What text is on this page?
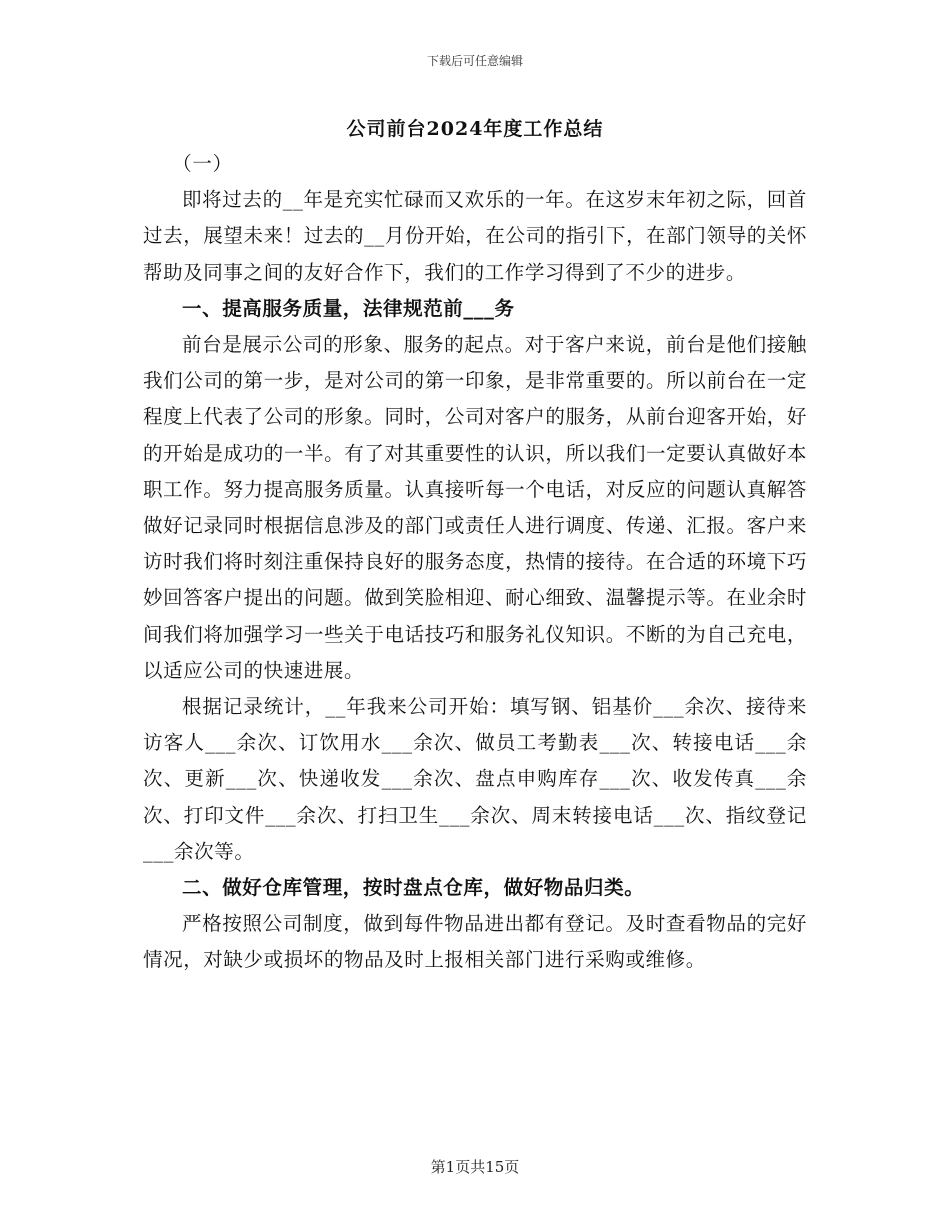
下载后可任意编辑
公司前台2024年度工作总结

（一）

即将过去的__年是充实忙碌而又欢乐的一年。在这岁末年初之际，回首过去，展望未来！过去的__月份开始，在公司的指引下，在部门领导的关怀帮助及同事之间的友好合作下，我们的工作学习得到了不少的进步。

一、提高服务质量，法律规范前___务

前台是展示公司的形象、服务的起点。对于客户来说，前台是他们接触我们公司的第一步，是对公司的第一印象，是非常重要的。所以前台在一定程度上代表了公司的形象。同时，公司对客户的服务，从前台迎客开始，好的开始是成功的一半。有了对其重要性的认识，所以我们一定要认真做好本职工作。努力提高服务质量。认真接听每一个电话，对反应的问题认真解答做好记录同时根据信息涉及的部门或责任人进行调度、传递、汇报。客户来访时我们将时刻注重保持良好的服务态度，热情的接待。在合适的环境下巧妙回答客户提出的问题。做到笑脸相迎、耐心细致、温馨提示等。在业余时间我们将加强学习一些关于电话技巧和服务礼仪知识。不断的为自己充电，以适应公司的快速进展。

根据记录统计，__年我来公司开始：填写钢、铝基价___余次、接待来访客人___余次、订饮用水___余次、做员工考勤表___次、转接电话___余次、更新___次、快递收发___余次、盘点申购库存___次、收发传真___余次、打印文件___余次、打扫卫生___余次、周末转接电话___次、指纹登记___余次等。

二、做好仓库管理，按时盘点仓库，做好物品归类。

严格按照公司制度，做到每件物品进出都有登记。及时查看物品的完好情况，对缺少或损坏的物品及时上报相关部门进行采购或维修。

第1页共15页
